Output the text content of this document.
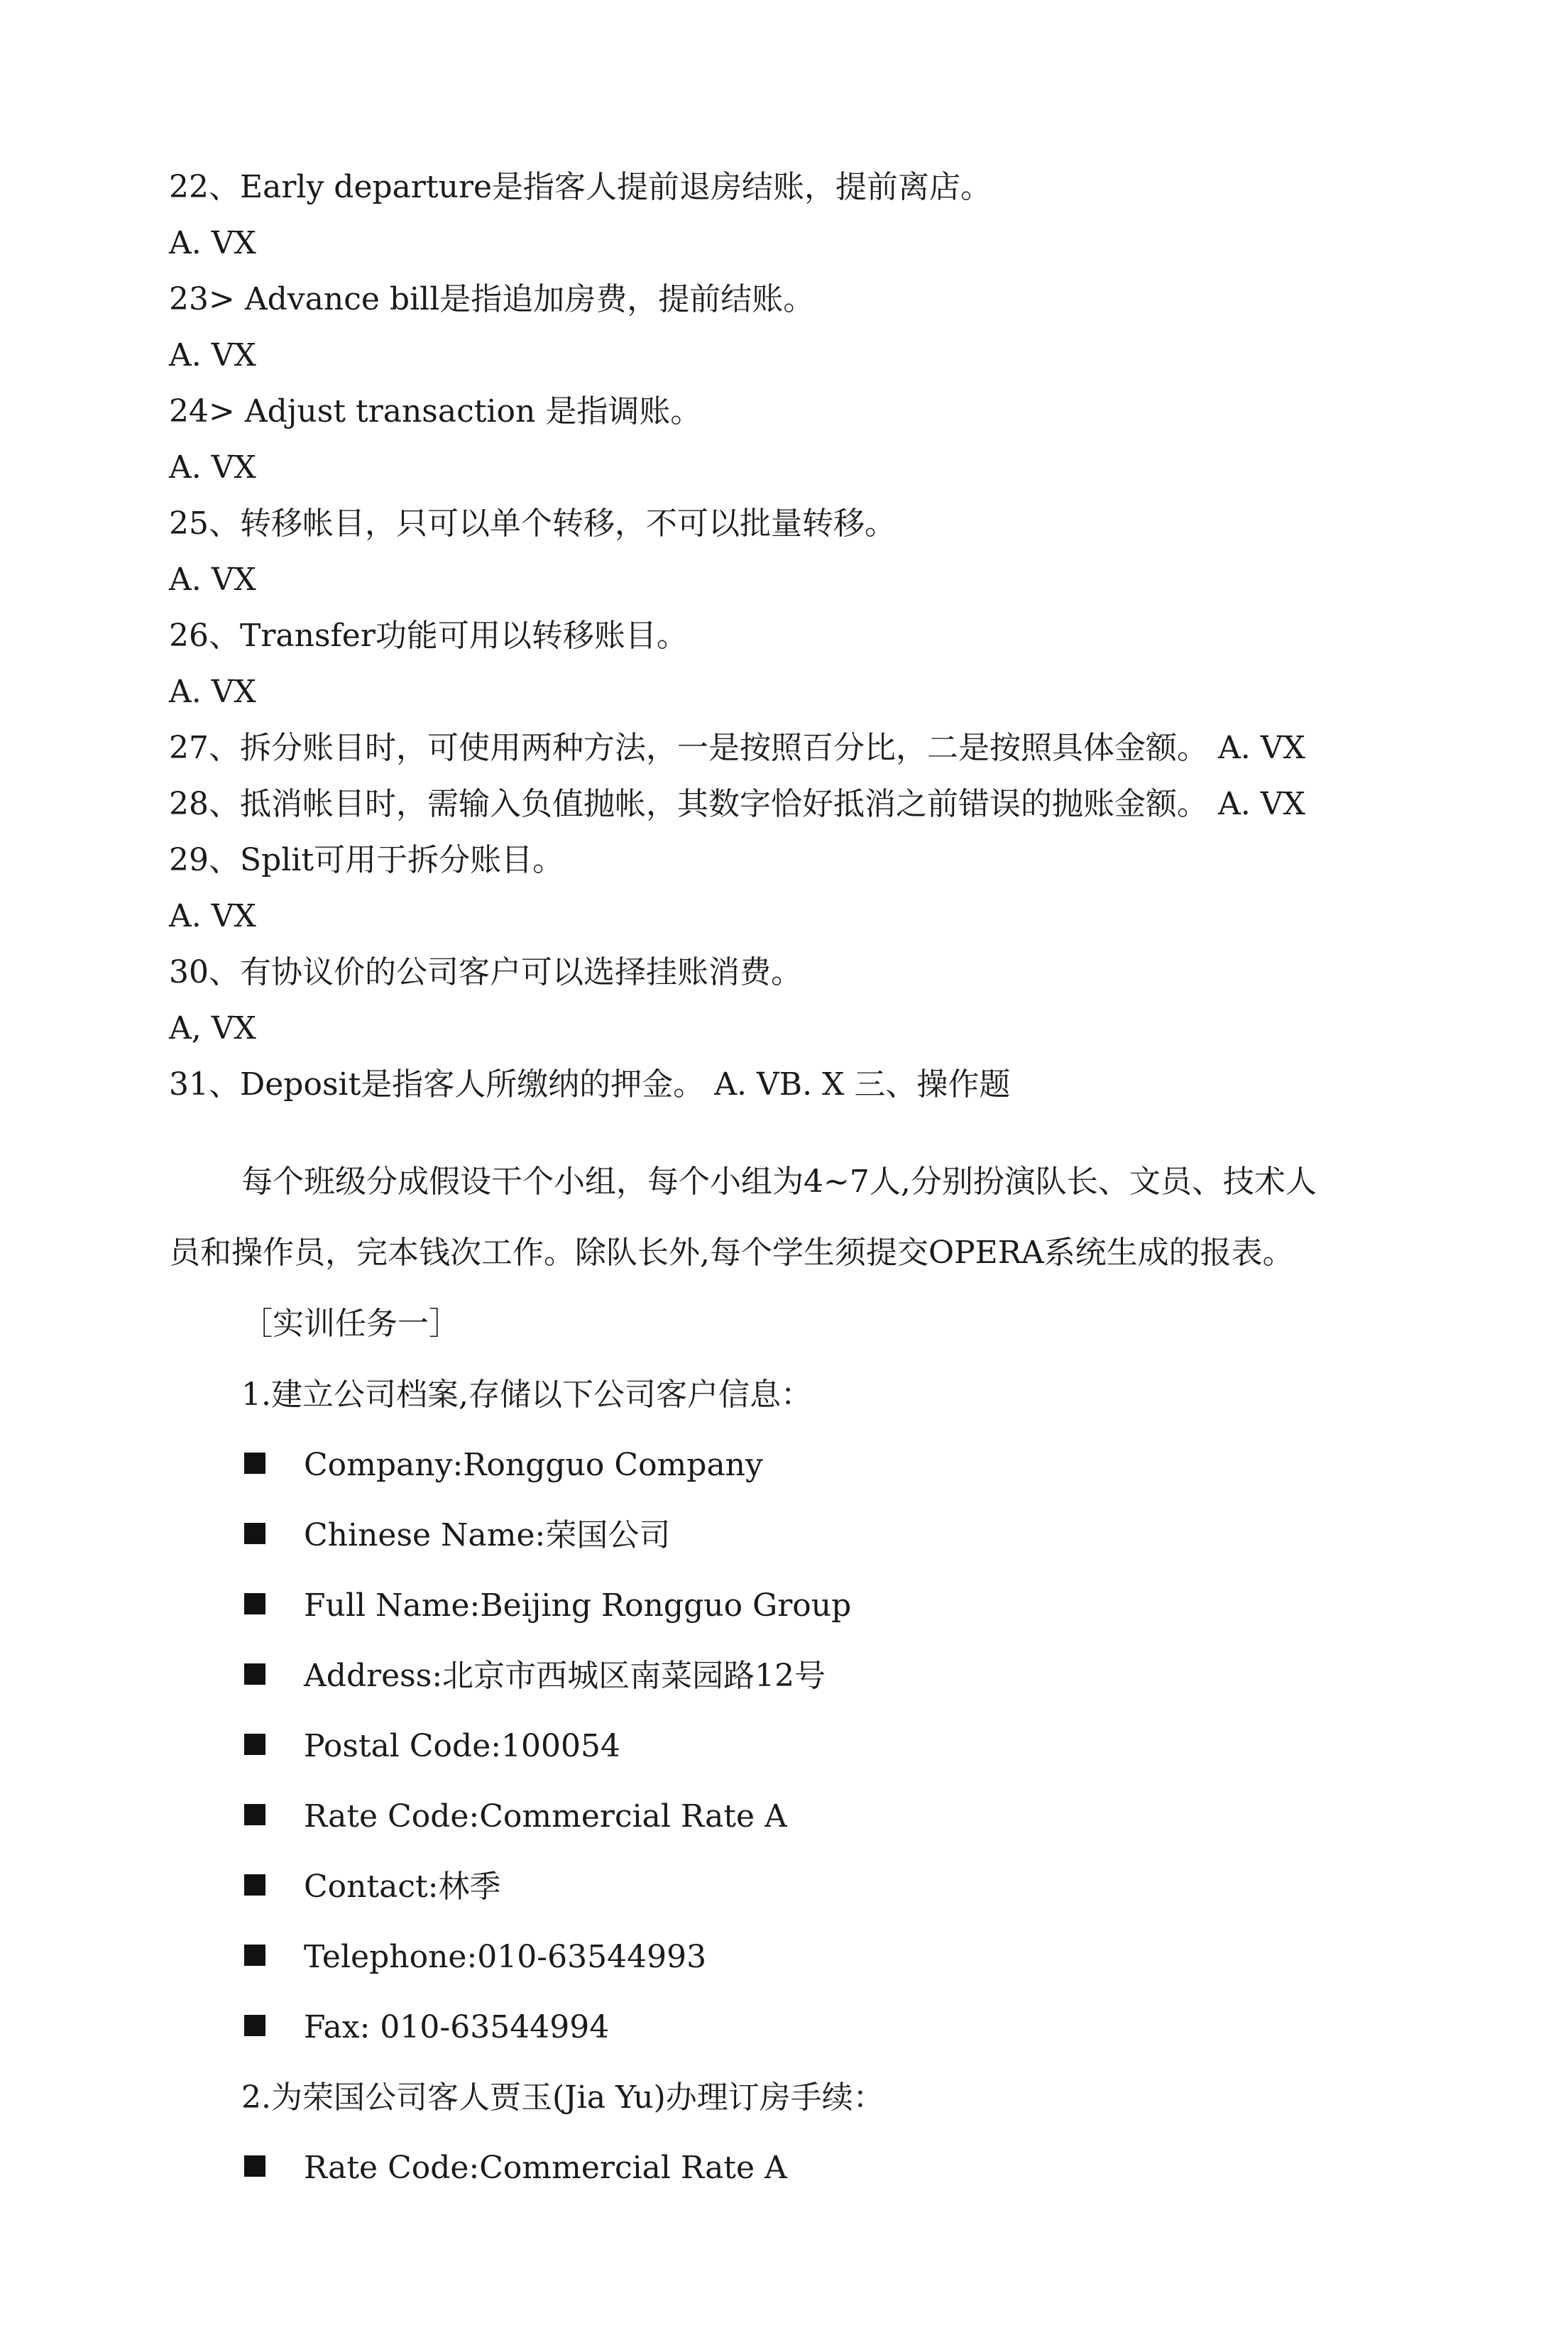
22、Early departure是指客人提前退房结账，提前离店。
A. VX
23> Advance bill是指追加房费，提前结账。
A. VX
24> Adjust transaction 是指调账。
A. VX
25、转移帐目，只可以单个转移，不可以批量转移。
A. VX
26、Transfer功能可用以转移账目。
A. VX
27、拆分账目时，可使用两种方法，一是按照百分比，二是按照具体金额。 A. VX
28、抵消帐目时，需输入负值抛帐，其数字恰好抵消之前错误的抛账金额。 A. VX
29、Split可用于拆分账目。
A. VX
30、有协议价的公司客户可以选择挂账消费。
A, VX
31、Deposit是指客人所缴纳的押金。 A. VB. X 三、操作题
每个班级分成假设干个小组，每个小组为4~7人,分别扮演队长、文员、技术人
员和操作员，完本钱次工作。除队长外,每个学生须提交OPERA系统生成的报表。
［实训任务一］
1.建立公司档案,存储以下公司客户信息：
Company:Rongguo Company
Chinese Name:荣国公司
Full Name:Beijing Rongguo Group
Address:北京市西城区南菜园路12号
Postal Code:100054
Rate Code:Commercial Rate A
Contact:林季
Telephone:010-63544993
Fax: 010-63544994
2.为荣国公司客人贾玉(Jia Yu)办理订房手续：
Rate Code:Commercial Rate A
